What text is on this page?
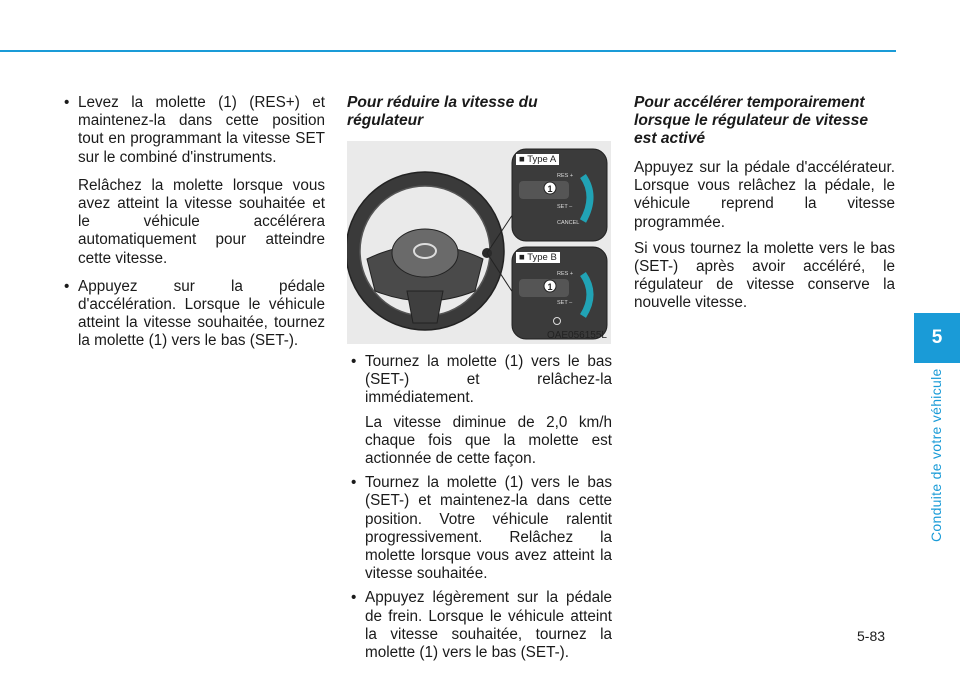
• Levez la molette (1) (RES+) et maintenez-la dans cette position tout en programmant la vitesse SET sur le combiné d'instruments.

Relâchez la molette lorsque vous avez atteint la vitesse souhaitée et le véhicule accélérera automatiquement pour atteindre cette vitesse.

• Appuyez sur la pédale d'accélération. Lorsque le véhicule atteint la vitesse souhaitée, tournez la molette (1) vers le bas (SET-).

Pour réduire la vitesse du régulateur

1
1
RES +
SET –
CANCEL
RES +
SET –
■ Type A
■ Type B
OAE056155L

• Tournez la molette (1) vers le bas (SET-) et relâchez-la immédiatement.

La vitesse diminue de 2,0 km/h chaque fois que la molette est actionnée de cette façon.

• Tournez la molette (1) vers le bas (SET-) et maintenez-la dans cette position. Votre véhicule ralentit progressivement. Relâchez la molette lorsque vous avez atteint la vitesse souhaitée.

• Appuyez légèrement sur la pédale de frein. Lorsque le véhicule atteint la vitesse souhaitée, tournez la molette (1) vers le bas (SET-).

Pour accélérer temporairement lorsque le régulateur de vitesse est activé

Appuyez sur la pédale d'accélérateur. Lorsque vous relâchez la pédale, le véhicule reprend la vitesse programmée.

Si vous tournez la molette vers le bas (SET-) après avoir accéléré, le régulateur de vitesse conserve la nouvelle vitesse.

5
Conduite de votre véhicule
5-83
